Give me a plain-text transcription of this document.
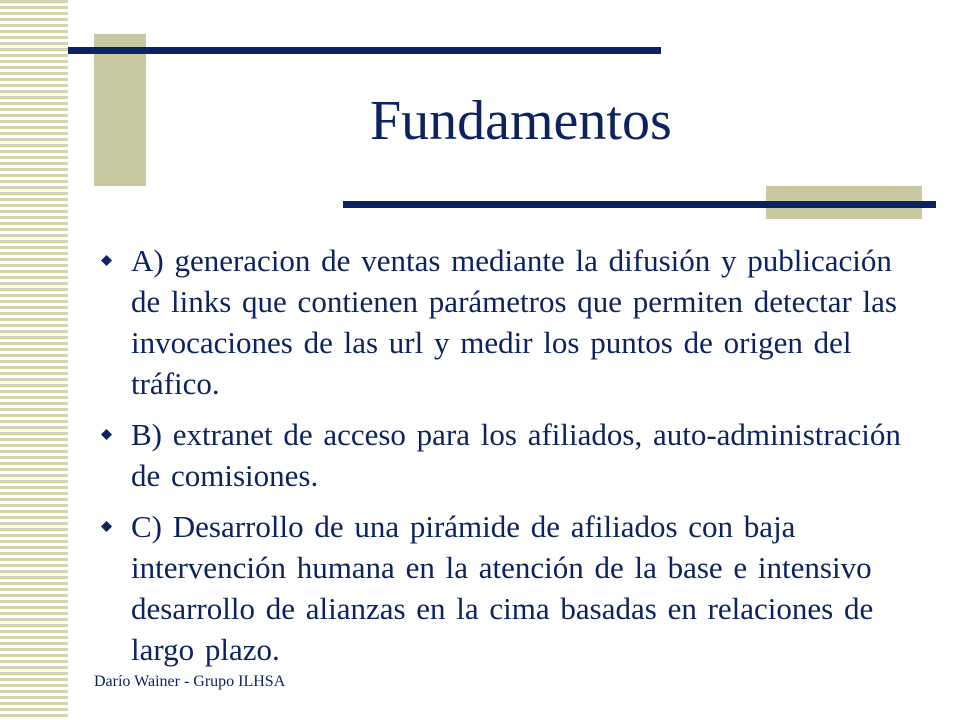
Fundamentos
A) generacion de ventas mediante la difusión y publicación de links que contienen parámetros que permiten detectar las invocaciones de las url y medir los puntos de origen del tráfico.
B) extranet de acceso para los afiliados, auto-administración de comisiones.
C) Desarrollo de una pirámide de afiliados con baja intervención humana en la atención de la base e intensivo desarrollo de alianzas en la cima basadas en relaciones de largo plazo.
Darío Wainer - Grupo ILHSA
